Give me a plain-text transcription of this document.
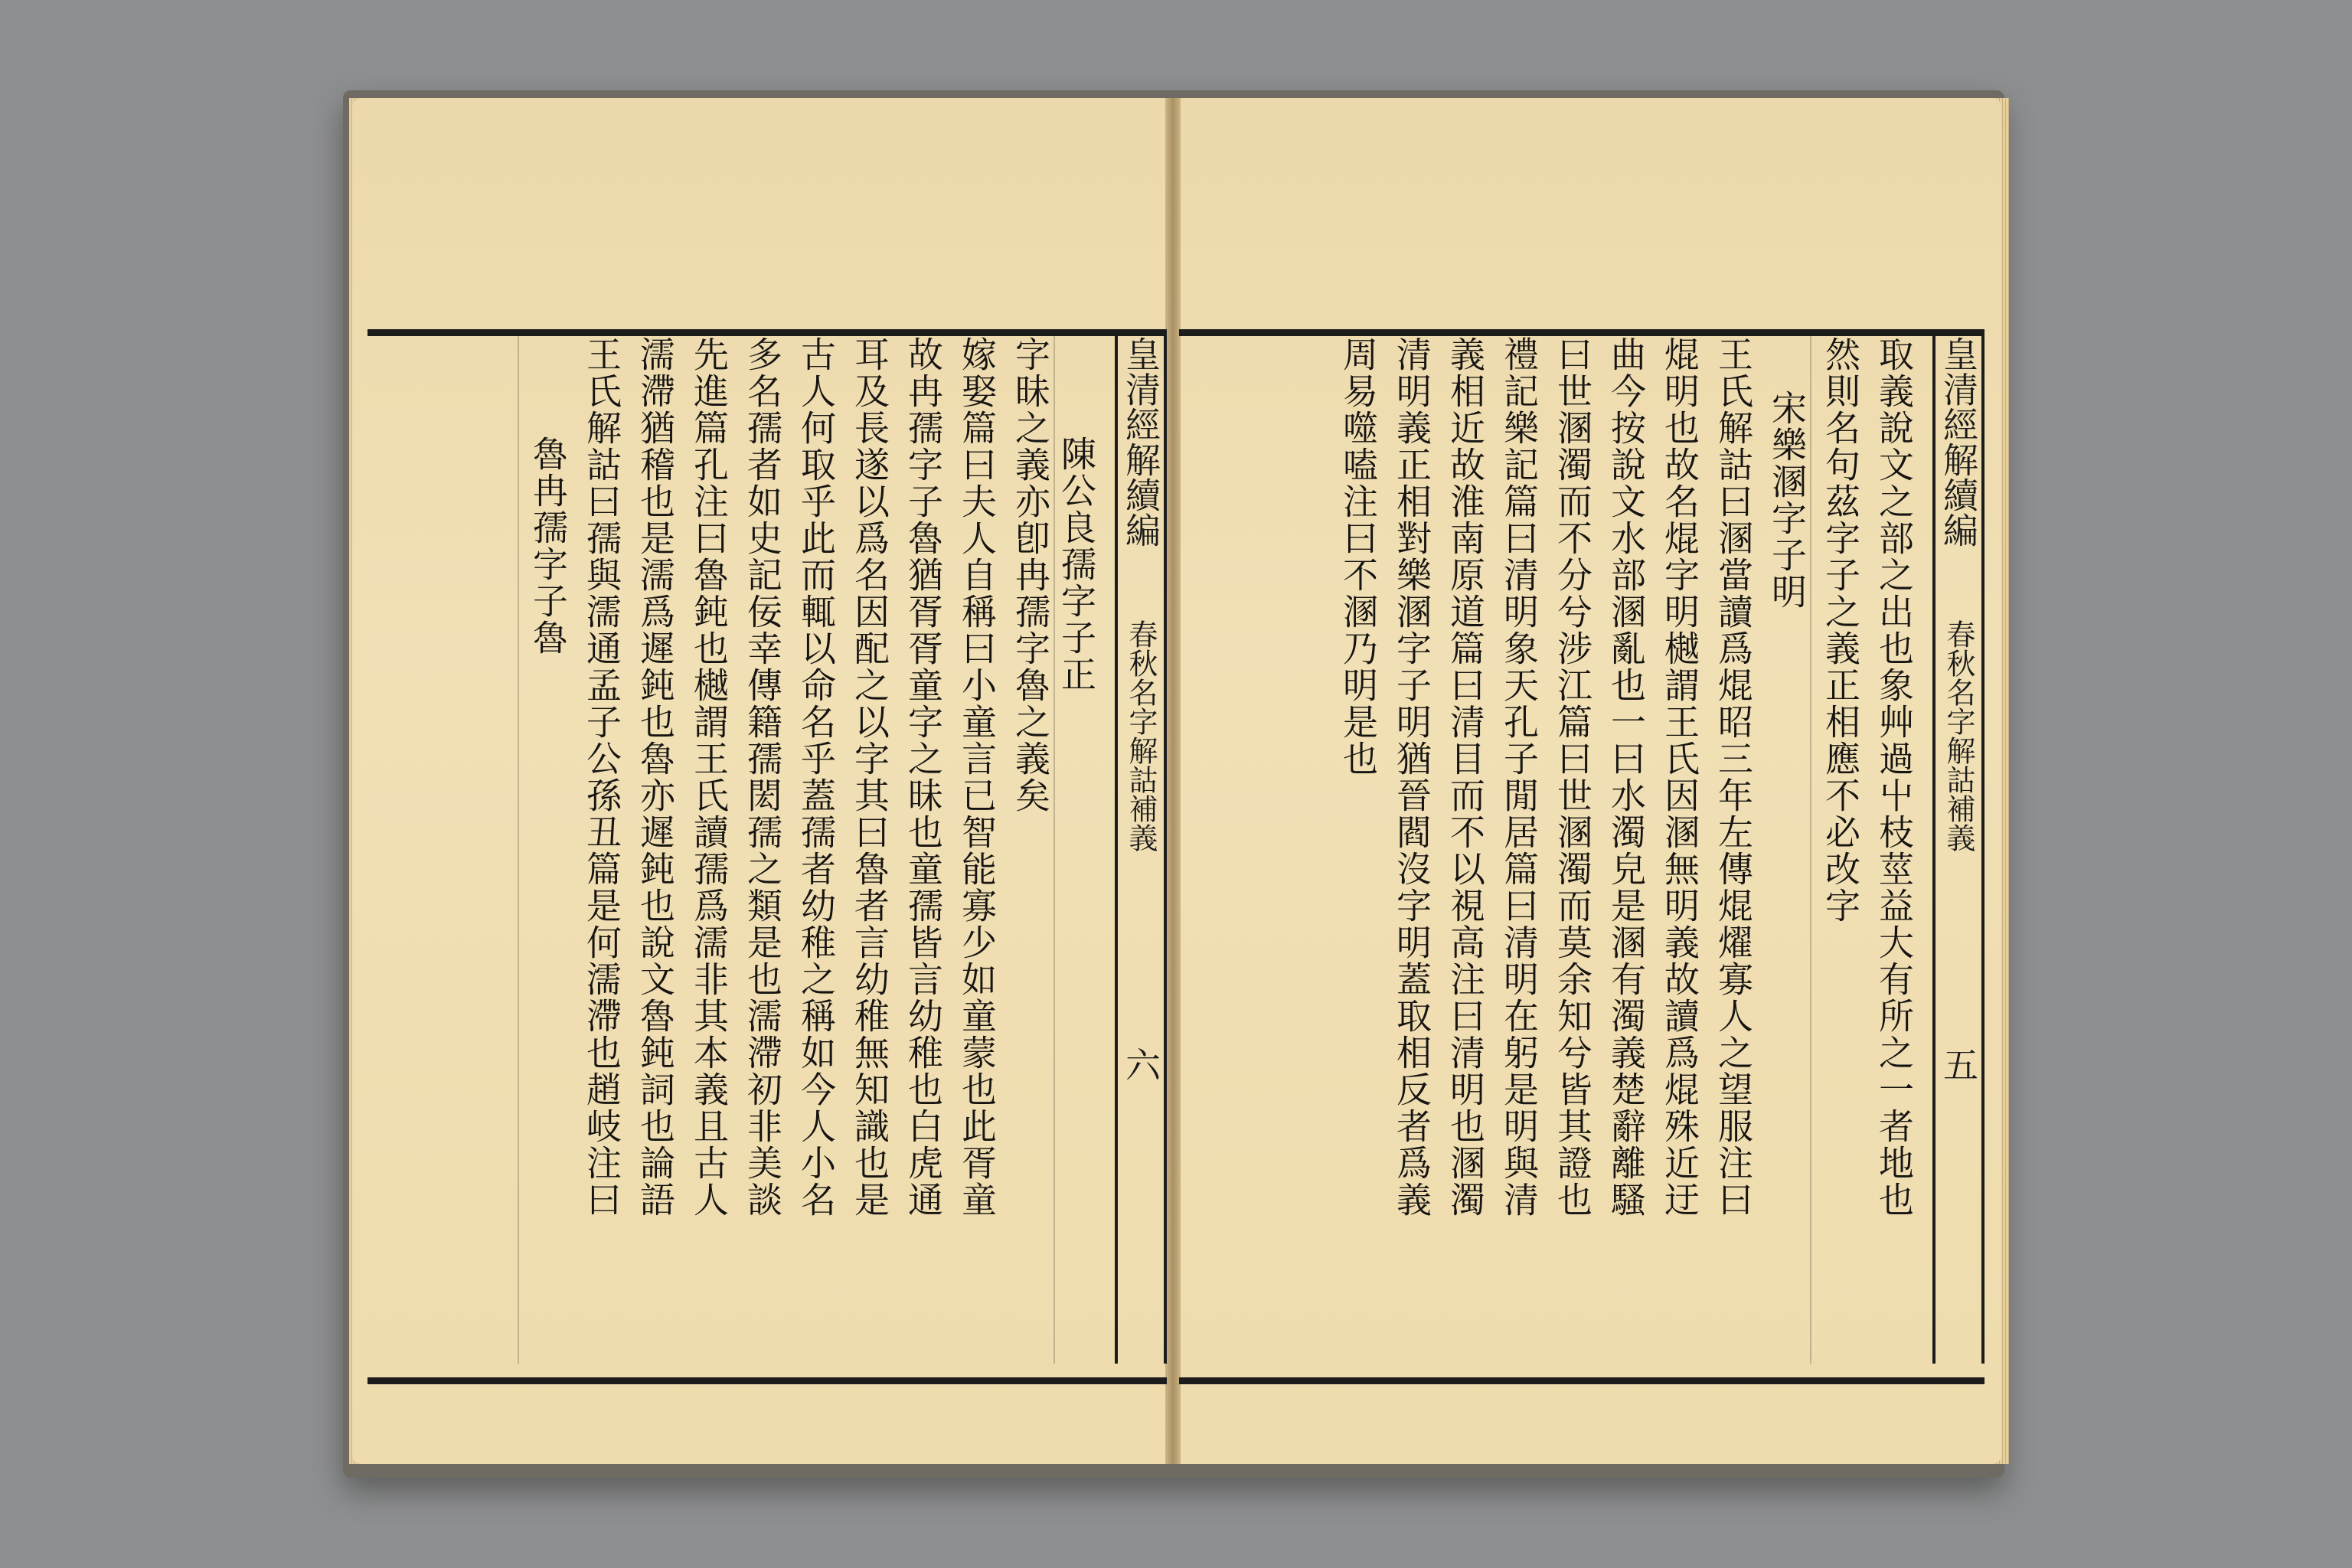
皇清經解續編 春秋名字解詁補義 六
陳公良孺字子正
字昧之義亦卽冉孺字魯之義矣
嫁娶篇曰夫人自稱曰小童言已智能寡少如童蒙也此胥童
故冉孺字子魯猶胥胥童字之昧也童孺皆言幼稚也白虎通
耳及長遂以爲名因配之以字其曰魯者言幼稚無知識也是
古人何取乎此而輒以命名乎蓋孺者幼稚之稱如今人小名
多名孺者如史記佞幸傳籍孺閎孺之類是也濡滯初非美談
先進篇孔注曰魯鈍也樾謂王氏讀孺爲濡非其本義且古人
濡滯猶稽也是濡爲遲鈍也魯亦遲鈍也說文魯鈍詞也論語
王氏解詁曰孺與濡通孟子公孫丑篇是何濡滯也趙岐注曰
魯冉孺字子魯	皇清經解續編 春秋名字解詁補義 五
取義說文之部之出也象艸過屮枝莖益大有所之一者地也
然則名句茲字子之義正相應不必改字
宋樂溷字子明
王氏解詁曰溷當讀爲焜昭三年左傳焜燿寡人之望服注曰
焜明也故名焜字明樾謂王氏因溷無明義故讀爲焜殊近迂
曲今按說文水部溷亂也一曰水濁皃是溷有濁義楚辭離騷
曰世溷濁而不分兮涉江篇曰世溷濁而莫余知兮皆其證也
禮記樂記篇曰清明象天孔子閒居篇曰清明在躬是明與清
義相近故淮南原道篇曰清目而不以視高注曰清明也溷濁
清明義正相對樂溷字子明猶晉閻沒字明蓋取相反者爲義
周易噬嗑注曰不溷乃明是也
